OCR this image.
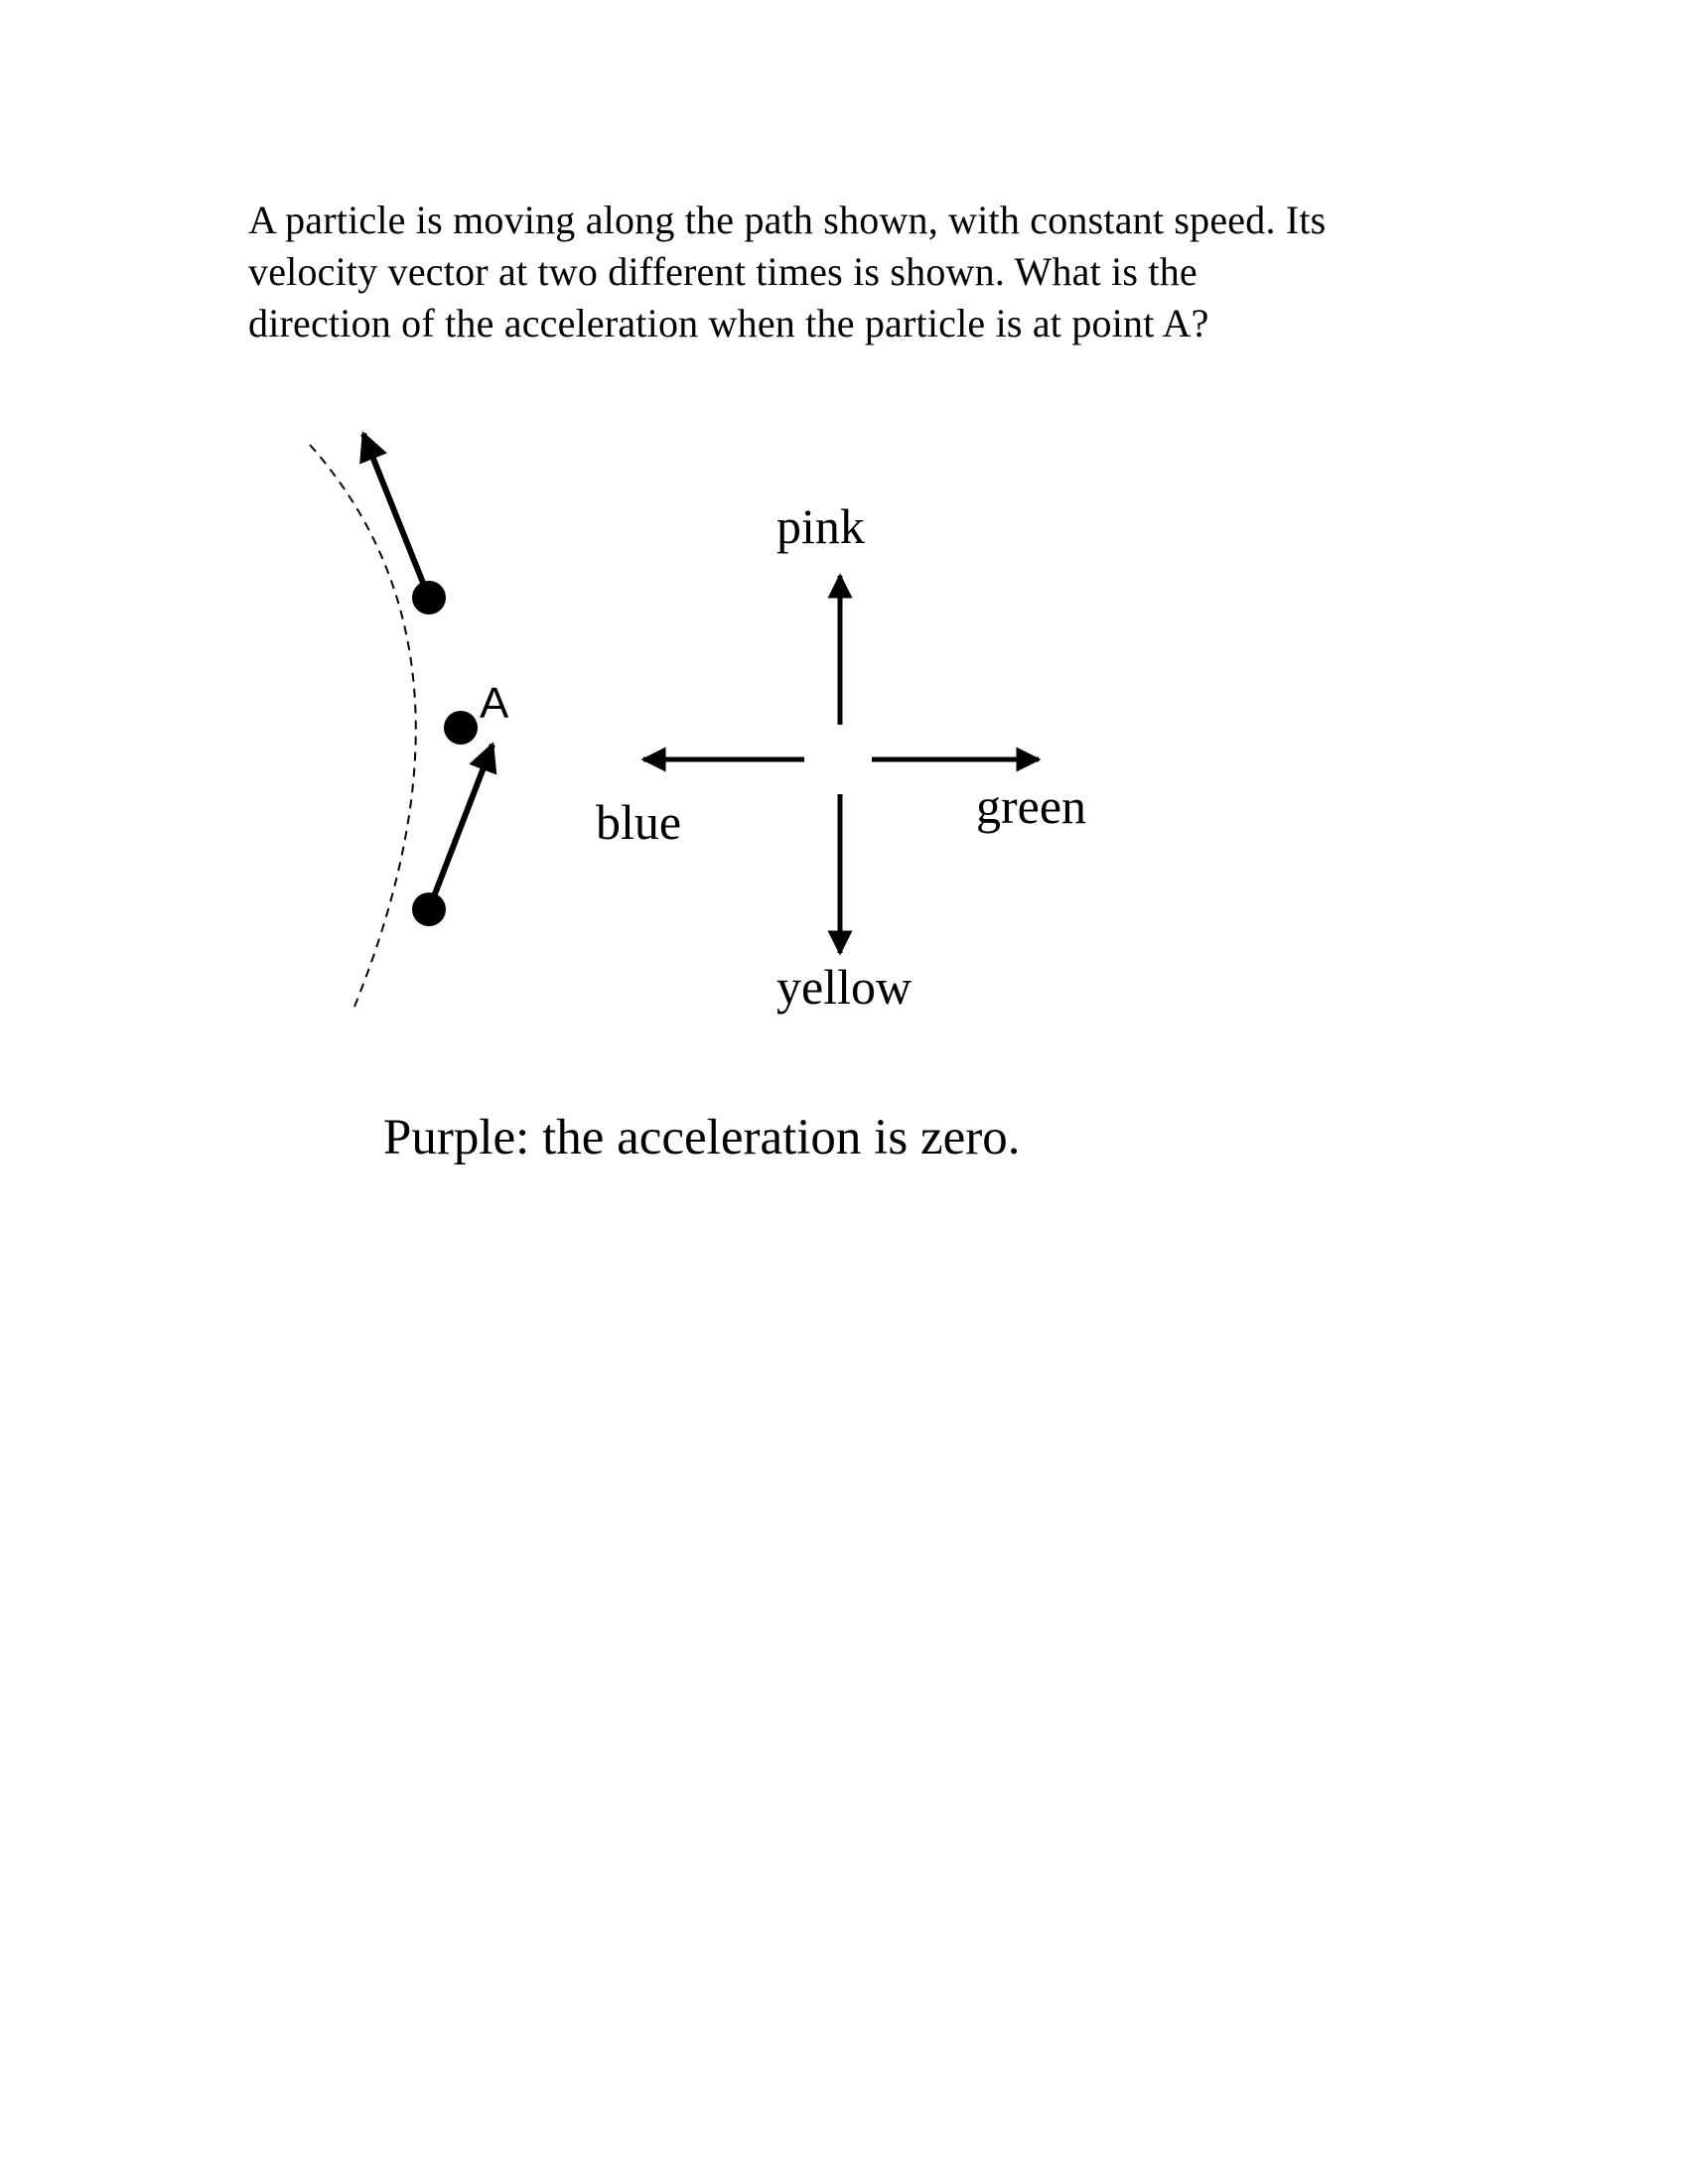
A particle is moving along the path shown, with constant speed. Its
velocity vector at two different times is shown. What is the
direction of the acceleration when the particle is at point A?
A
pink
blue	green
yellow
Purple: the acceleration is zero.
